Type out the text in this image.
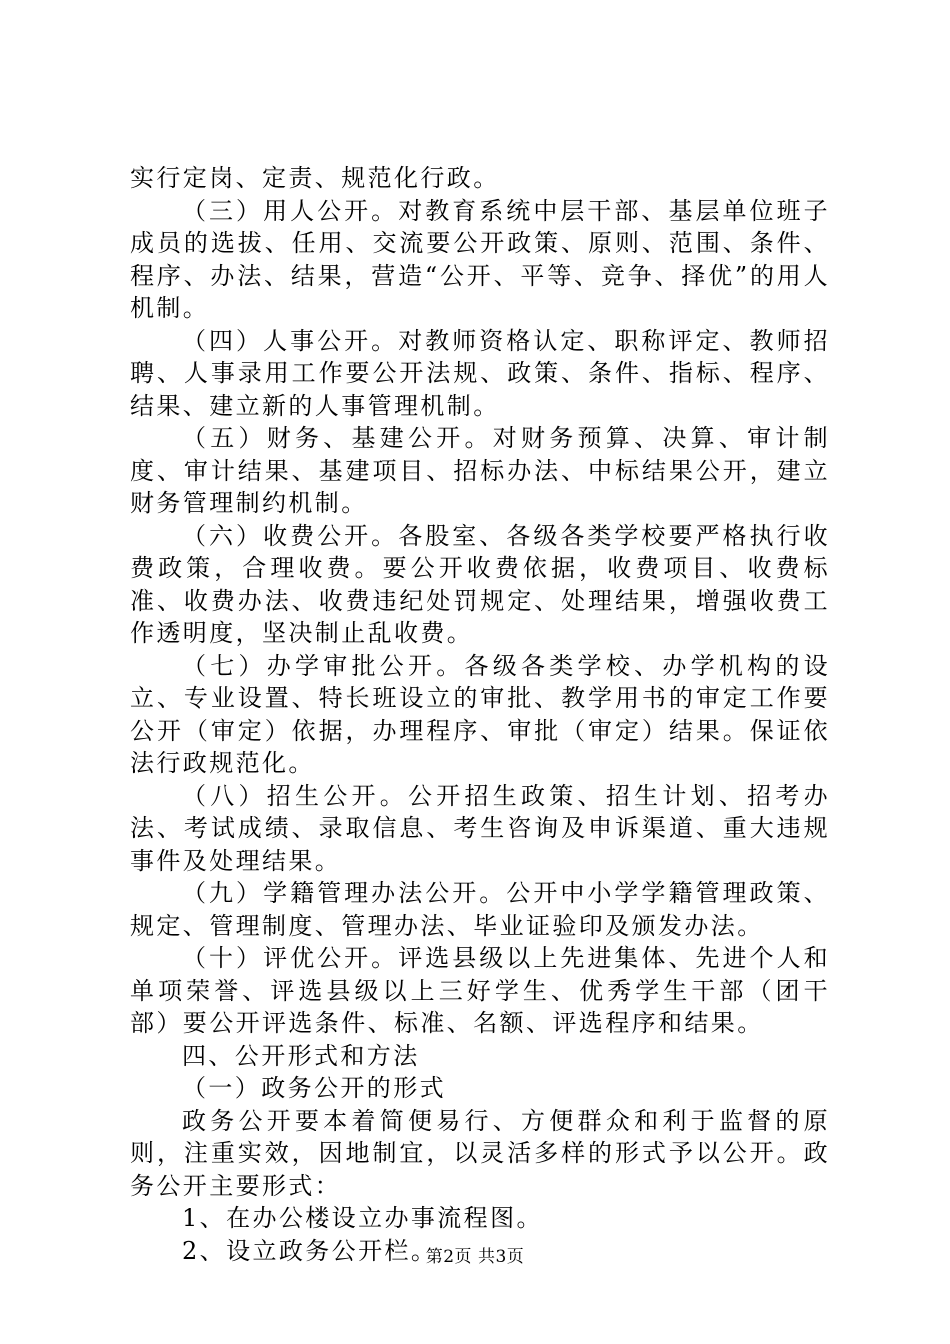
实行定岗、定责、规范化行政。

（三）用人公开。对教育系统中层干部、基层单位班子成员的选拔、任用、交流要公开政策、原则、范围、条件、程序、办法、结果，营造“公开、平等、竞争、择优”的用人机制。

（四）人事公开。对教师资格认定、职称评定、教师招聘、人事录用工作要公开法规、政策、条件、指标、程序、结果、建立新的人事管理机制。

（五）财务、基建公开。对财务预算、决算、审计制度、审计结果、基建项目、招标办法、中标结果公开，建立财务管理制约机制。

（六）收费公开。各股室、各级各类学校要严格执行收费政策，合理收费。要公开收费依据，收费项目、收费标准、收费办法、收费违纪处罚规定、处理结果，增强收费工作透明度，坚决制止乱收费。

（七）办学审批公开。各级各类学校、办学机构的设立、专业设置、特长班设立的审批、教学用书的审定工作要公开（审定）依据，办理程序、审批（审定）结果。保证依法行政规范化。

（八）招生公开。公开招生政策、招生计划、招考办法、考试成绩、录取信息、考生咨询及申诉渠道、重大违规事件及处理结果。

（九）学籍管理办法公开。公开中小学学籍管理政策、规定、管理制度、管理办法、毕业证验印及颁发办法。

（十）评优公开。评选县级以上先进集体、先进个人和单项荣誉、评选县级以上三好学生、优秀学生干部（团干部）要公开评选条件、标准、名额、评选程序和结果。

四、公开形式和方法

（一）政务公开的形式

政务公开要本着简便易行、方便群众和利于监督的原则，注重实效，因地制宜，以灵活多样的形式予以公开。政务公开主要形式：

1、在办公楼设立办事流程图。

2、设立政务公开栏。

第2页 共3页
